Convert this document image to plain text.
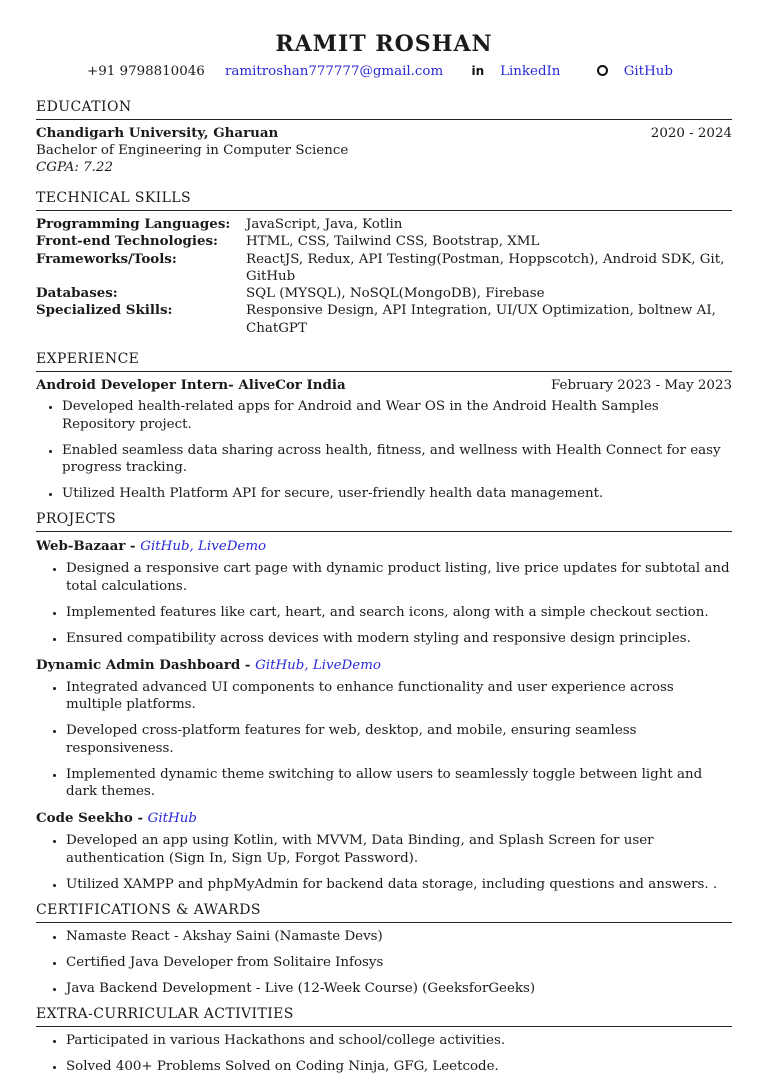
RAMIT ROSHAN
+91 9798810046 ramitroshan777777@gmail.com in LinkedIn	GitHub
EDUCATION
Chandigarh University, Gharuan	2020 - 2024
Bachelor of Engineering in Computer Science
CGPA: 7.22
TECHNICAL SKILLS
Programming Languages:	JavaScript, Java, Kotlin
Front-end Technologies:	HTML, CSS, Tailwind CSS, Bootstrap, XML
Frameworks/Tools:	ReactJS, Redux, API Testing(Postman, Hoppscotch), Android SDK, Git, GitHub
Databases:	SQL (MYSQL), NoSQL(MongoDB), Firebase
Specialized Skills:	Responsive Design, API Integration, UI/UX Optimization, boltnew AI, ChatGPT
EXPERIENCE
Android Developer Intern- AliveCor India	February 2023 - May 2023
• Developed health-related apps for Android and Wear OS in the Android Health Samples Repository project.
• Enabled seamless data sharing across health, fitness, and wellness with Health Connect for easy progress tracking.
• Utilized Health Platform API for secure, user-friendly health data management.
PROJECTS
Web-Bazaar - GitHub, LiveDemo
• Designed a responsive cart page with dynamic product listing, live price updates for subtotal and total calculations.
• Implemented features like cart, heart, and search icons, along with a simple checkout section.
• Ensured compatibility across devices with modern styling and responsive design principles.
Dynamic Admin Dashboard - GitHub, LiveDemo
• Integrated advanced UI components to enhance functionality and user experience across multiple platforms.
• Developed cross-platform features for web, desktop, and mobile, ensuring seamless responsiveness.
• Implemented dynamic theme switching to allow users to seamlessly toggle between light and dark themes.
Code Seekho - GitHub
• Developed an app using Kotlin, with MVVM, Data Binding, and Splash Screen for user authentication (Sign In, Sign Up, Forgot Password).
• Utilized XAMPP and phpMyAdmin for backend data storage, including questions and answers. .
CERTIFICATIONS & AWARDS
• Namaste React - Akshay Saini (Namaste Devs)
• Certified Java Developer from Solitaire Infosys
• Java Backend Development - Live (12-Week Course) (GeeksforGeeks)
EXTRA-CURRICULAR ACTIVITIES
• Participated in various Hackathons and school/college activities.
• Solved 400+ Problems Solved on Coding Ninja, GFG, Leetcode.
